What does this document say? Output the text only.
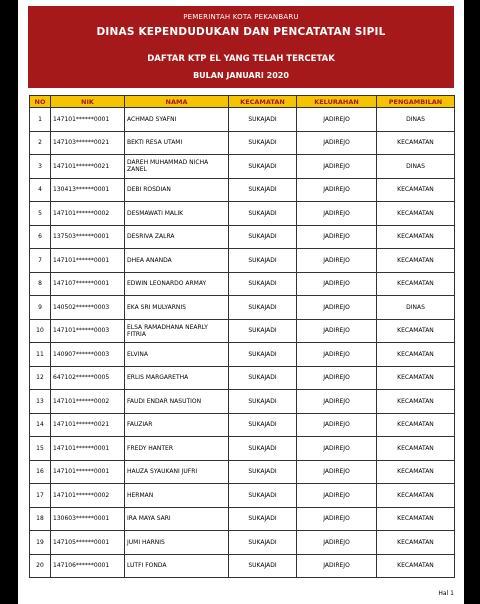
PEMERINTAH KOTA PEKANBARU
DINAS KEPENDUDUKAN DAN PENCATATAN SIPIL
DAFTAR KTP EL YANG TELAH TERCETAK
BULAN JANUARI 2020
NO	NIK	NAMA	KECAMATAN	KELURAHAN	PENGAMBILAN
1	147101******0001	ACHMAD SYAFNI	SUKAJADI	JADIREJO	DINAS
2	147103******0021	BEKTI RESA UTAMI	SUKAJADI	JADIREJO	KECAMATAN
3	147101******0021	DAREH MUHAMMAD NICHA ZANEL	SUKAJADI	JADIREJO	DINAS
4	130413******0001	DEBI ROSDIAN	SUKAJADI	JADIREJO	KECAMATAN
5	147101******0002	DESMAWATI MALIK	SUKAJADI	JADIREJO	KECAMATAN
6	137503******0001	DESRIVA ZALRA	SUKAJADI	JADIREJO	KECAMATAN
7	147101******0001	DHEA ANANDA	SUKAJADI	JADIREJO	KECAMATAN
8	147107******0001	EDWIN LEONARDO ARMAY	SUKAJADI	JADIREJO	KECAMATAN
9	140502******0003	EKA SRI MULYARNIS	SUKAJADI	JADIREJO	DINAS
10	147101******0003	ELSA RAMADHANA NEARLY FITRIA	SUKAJADI	JADIREJO	KECAMATAN
11	140907******0003	ELVINA	SUKAJADI	JADIREJO	KECAMATAN
12	647102******0005	ERLIS MARGARETHA	SUKAJADI	JADIREJO	KECAMATAN
13	147101******0002	FAUDI ENDAR NASUTION	SUKAJADI	JADIREJO	KECAMATAN
14	147101******0021	FAUZIAR	SUKAJADI	JADIREJO	KECAMATAN
15	147101******0001	FREDY HANTER	SUKAJADI	JADIREJO	KECAMATAN
16	147101******0001	HAUZA SYAUKANI JUFRI	SUKAJADI	JADIREJO	KECAMATAN
17	147101******0002	HERMAN	SUKAJADI	JADIREJO	KECAMATAN
18	130603******0001	IRA MAYA SARI	SUKAJADI	JADIREJO	KECAMATAN
19	147105******0001	JUMI HARNIS	SUKAJADI	JADIREJO	KECAMATAN
20	147106******0001	LUTFI FONDA	SUKAJADI	JADIREJO	KECAMATAN
Hal 1
